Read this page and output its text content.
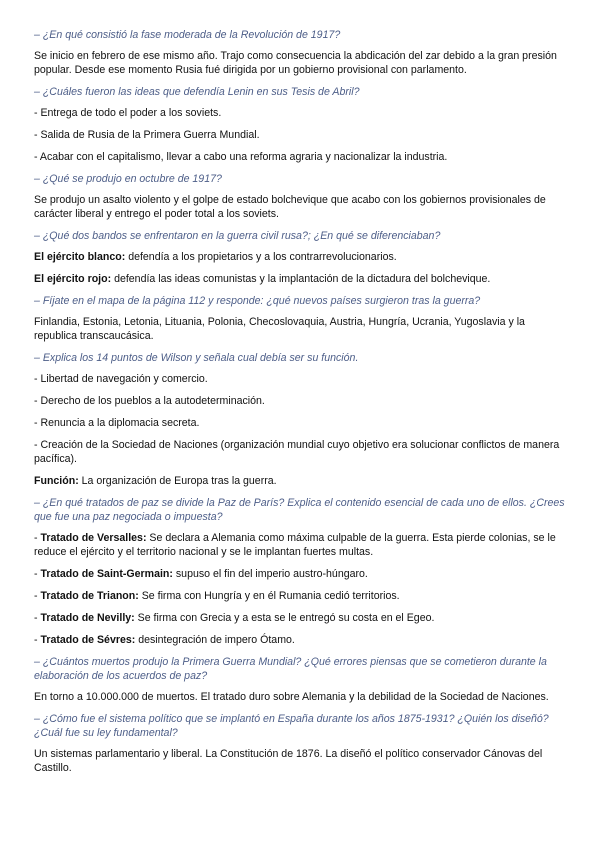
– ¿En qué consistió la fase moderada de la Revolución de 1917?

Se inicio en febrero de ese mismo año. Trajo como consecuencia la abdicación del zar debido a la gran presión popular. Desde ese momento Rusia fué dirigida por un gobierno provisional con parlamento.

– ¿Cuáles fueron las ideas que defendía Lenin en sus Tesis de Abril?

- Entrega de todo el poder a los soviets.

- Salida de Rusia de la Primera Guerra Mundial.

- Acabar con el capitalismo, llevar a cabo una reforma agraria y nacionalizar la industria.

– ¿Qué se produjo en octubre de 1917?

Se produjo un asalto violento y el golpe de estado bolchevique que acabo con los gobiernos provisionales de carácter liberal y entrego el poder total a los soviets.

– ¿Qué dos bandos se enfrentaron en la guerra civil rusa?; ¿En qué se diferenciaban?

El ejército blanco: defendía a los propietarios y a los contrarrevolucionarios.

El ejército rojo: defendía las ideas comunistas y la implantación de la dictadura del bolchevique.

– Fíjate en el mapa de la página 112 y responde: ¿qué nuevos países surgieron tras la guerra?

Finlandia, Estonia, Letonia, Lituania, Polonia, Checoslovaquia, Austria, Hungría, Ucrania, Yugoslavia y la republica transcaucásica.

– Explica los 14 puntos de Wilson y señala cual debía ser su función.

- Libertad de navegación y comercio.

- Derecho de los pueblos a la autodeterminación.

- Renuncia a la diplomacia secreta.

- Creación de la Sociedad de Naciones (organización mundial cuyo objetivo era solucionar conflictos de manera pacífica).

Función: La organización de Europa tras la guerra.

– ¿En qué tratados de paz se divide la Paz de París? Explica el contenido esencial de cada uno de ellos. ¿Crees que fue una paz negociada o impuesta?

- Tratado de Versalles: Se declara a Alemania como máxima culpable de la guerra. Esta pierde colonias, se le reduce el ejército y el territorio nacional y se le implantan fuertes multas.

- Tratado de Saint-Germain: supuso el fin del imperio austro-húngaro.

- Tratado de Trianon: Se firma con Hungría y en él Rumania cedió territorios.

- Tratado de Nevilly: Se firma con Grecia y a esta se le entregó su costa en el Egeo.

- Tratado de Sévres: desintegración de impero Ótamo.

– ¿Cuántos muertos produjo la Primera Guerra Mundial? ¿Qué errores piensas que se cometieron durante la elaboración de los acuerdos de paz?

En torno a 10.000.000 de muertos. El tratado duro sobre Alemania y la debilidad de la Sociedad de Naciones.

– ¿Cómo fue el sistema político que se implantó en España durante los años 1875-1931? ¿Quién los diseñó? ¿Cuál fue su ley fundamental?

Un sistemas parlamentario y liberal. La Constitución de 1876. La diseñó el político conservador Cánovas del Castillo.
